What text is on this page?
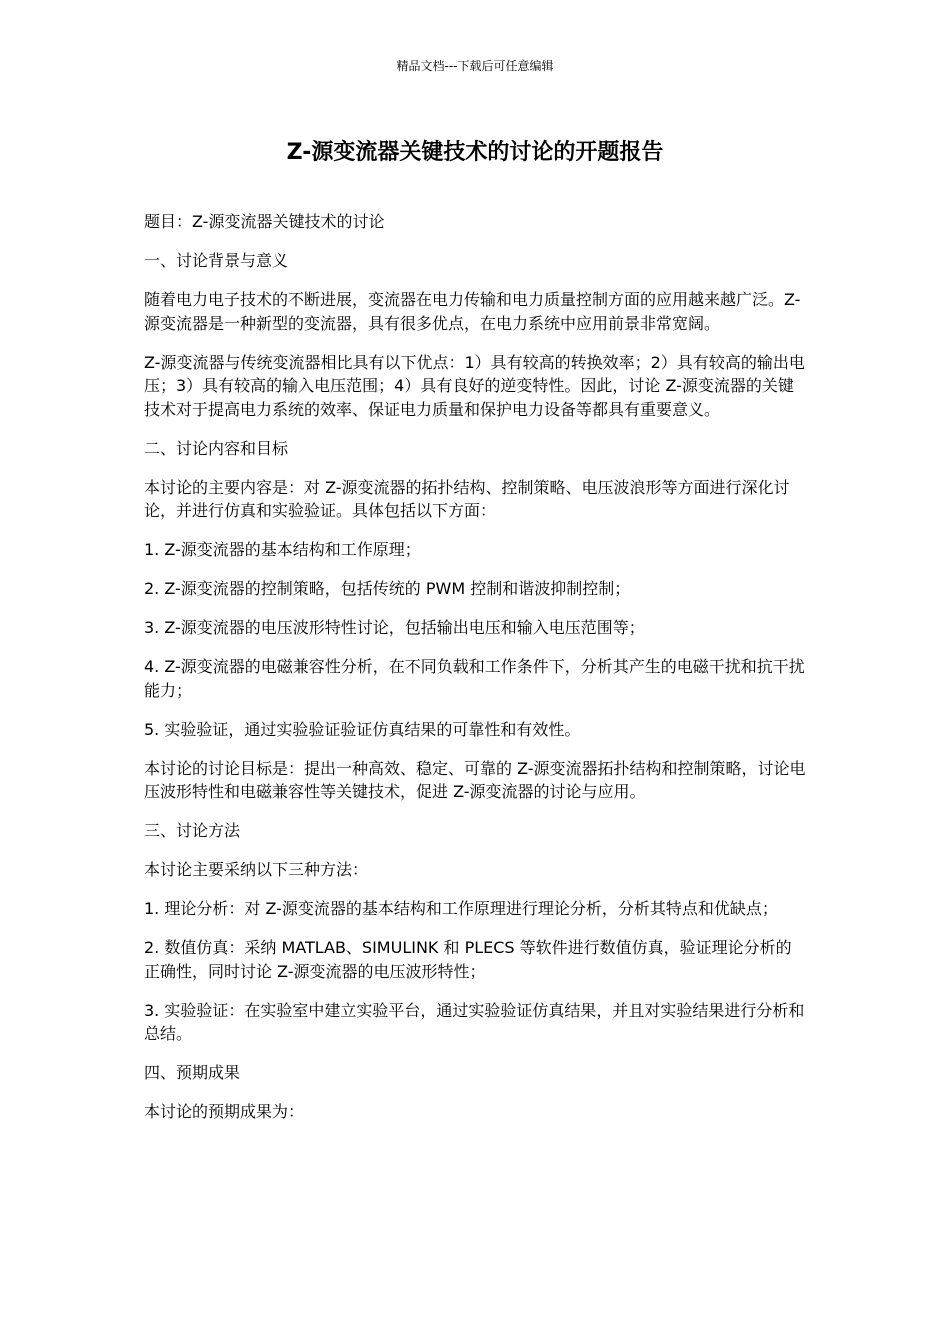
精品文档---下载后可任意编辑
Z-源变流器关键技术的讨论的开题报告

题目：Z-源变流器关键技术的讨论

一、讨论背景与意义

随着电力电子技术的不断进展，变流器在电力传输和电力质量控制方面的应用越来越广泛。Z-源变流器是一种新型的变流器，具有很多优点，在电力系统中应用前景非常宽阔。

Z-源变流器与传统变流器相比具有以下优点：1）具有较高的转换效率；2）具有较高的输出电压；3）具有较高的输入电压范围；4）具有良好的逆变特性。因此，讨论 Z-源变流器的关键技术对于提高电力系统的效率、保证电力质量和保护电力设备等都具有重要意义。

二、讨论内容和目标

本讨论的主要内容是：对 Z-源变流器的拓扑结构、控制策略、电压波浪形等方面进行深化讨论，并进行仿真和实验验证。具体包括以下方面：

1. Z-源变流器的基本结构和工作原理；

2. Z-源变流器的控制策略，包括传统的 PWM 控制和谐波抑制控制；

3. Z-源变流器的电压波形特性讨论，包括输出电压和输入电压范围等；

4. Z-源变流器的电磁兼容性分析，在不同负载和工作条件下，分析其产生的电磁干扰和抗干扰能力；

5. 实验验证，通过实验验证验证仿真结果的可靠性和有效性。

本讨论的讨论目标是：提出一种高效、稳定、可靠的 Z-源变流器拓扑结构和控制策略，讨论电压波形特性和电磁兼容性等关键技术，促进 Z-源变流器的讨论与应用。

三、讨论方法

本讨论主要采纳以下三种方法：

1. 理论分析：对 Z-源变流器的基本结构和工作原理进行理论分析，分析其特点和优缺点；

2. 数值仿真：采纳 MATLAB、SIMULINK 和 PLECS 等软件进行数值仿真，验证理论分析的正确性，同时讨论 Z-源变流器的电压波形特性；

3. 实验验证：在实验室中建立实验平台，通过实验验证仿真结果，并且对实验结果进行分析和总结。

四、预期成果

本讨论的预期成果为：
